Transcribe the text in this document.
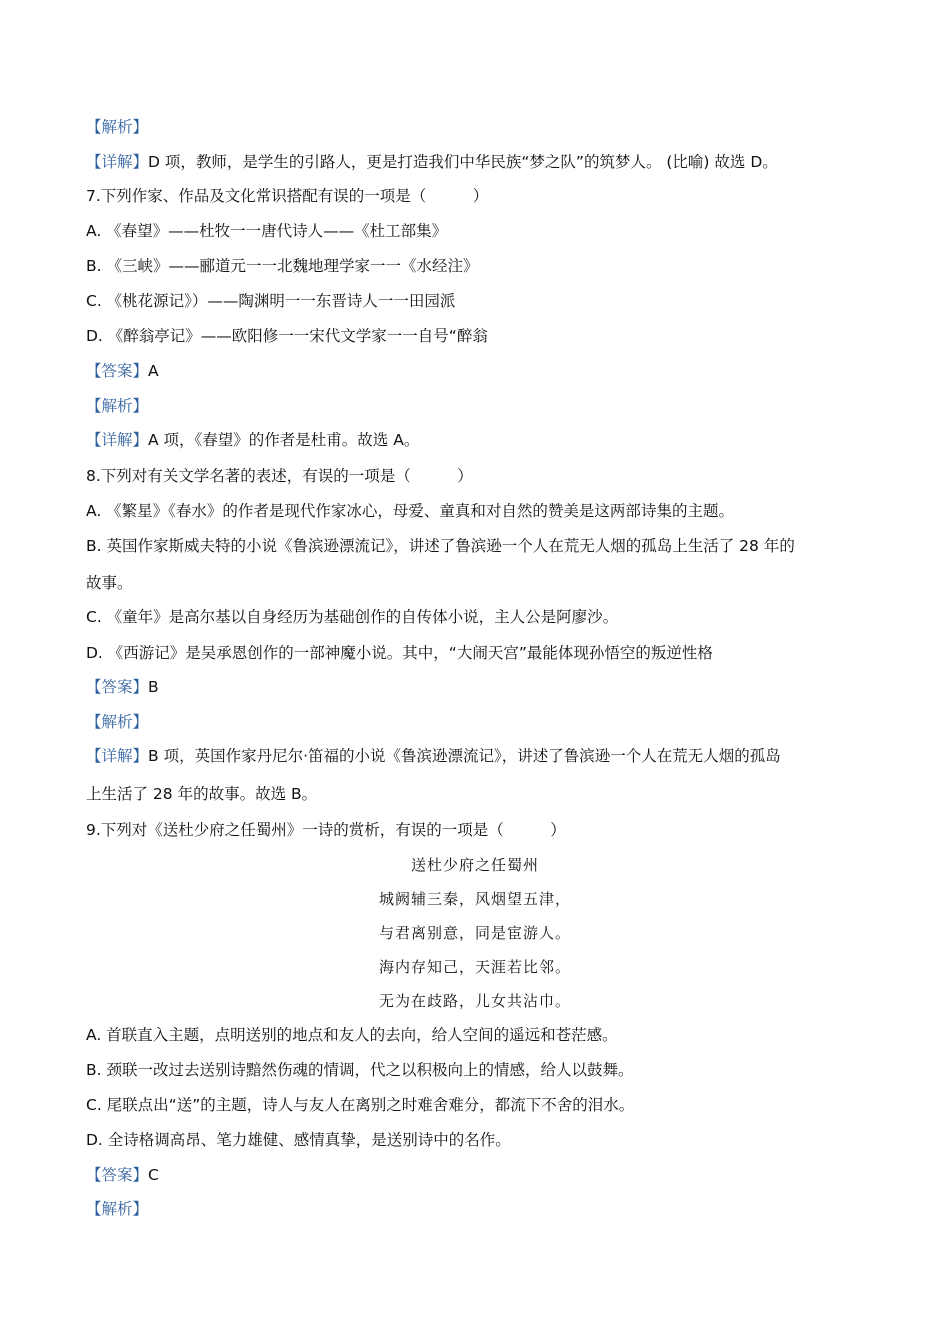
【解析】
【详解】D 项，教师，是学生的引路人，更是打造我们中华民族“梦之队”的筑梦人。 (比喻) 故选 D。
7.下列作家、作品及文化常识搭配有误的一项是（　　　）
A. 《春望》——杜牧一一唐代诗人——《杜工部集》
B. 《三峡》——郦道元一一北魏地理学家一一《水经注》
C. 《桃花源记》）——陶渊明一一东晋诗人一一田园派
D. 《醉翁亭记》——欧阳修一一宋代文学家一一自号“醉翁
【答案】A
【解析】
【详解】A 项，《春望》的作者是杜甫。故选 A。
8.下列对有关文学名著的表述，有误的一项是（　　　）
A. 《繁星》《春水》的作者是现代作家冰心，母爱、童真和对自然的赞美是这两部诗集的主题。
B. 英国作家斯威夫特的小说《鲁滨逊漂流记》，讲述了鲁滨逊一个人在荒无人烟的孤岛上生活了 28 年的
故事。
C. 《童年》是高尔基以自身经历为基础创作的自传体小说，主人公是阿廖沙。
D. 《西游记》是吴承恩创作的一部神魔小说。其中，“大闹天宫”最能体现孙悟空的叛逆性格
【答案】B
【解析】
【详解】B 项，英国作家丹尼尔·笛福的小说《鲁滨逊漂流记》，讲述了鲁滨逊一个人在荒无人烟的孤岛
上生活了 28 年的故事。故选 B。
9.下列对《送杜少府之任蜀州》一诗的赏析，有误的一项是（　　　）
送杜少府之任蜀州
城阙辅三秦，风烟望五津，
与君离别意，同是宦游人。
海内存知己，天涯若比邻。
无为在歧路，儿女共沾巾。
A. 首联直入主题，点明送别的地点和友人的去向，给人空间的遥远和苍茫感。
B. 颈联一改过去送别诗黯然伤魂的情调，代之以积极向上的情感，给人以鼓舞。
C. 尾联点出“送”的主题，诗人与友人在离别之时难舍难分，都流下不舍的泪水。
D. 全诗格调高昂、笔力雄健、感情真挚，是送别诗中的名作。
【答案】C
【解析】
